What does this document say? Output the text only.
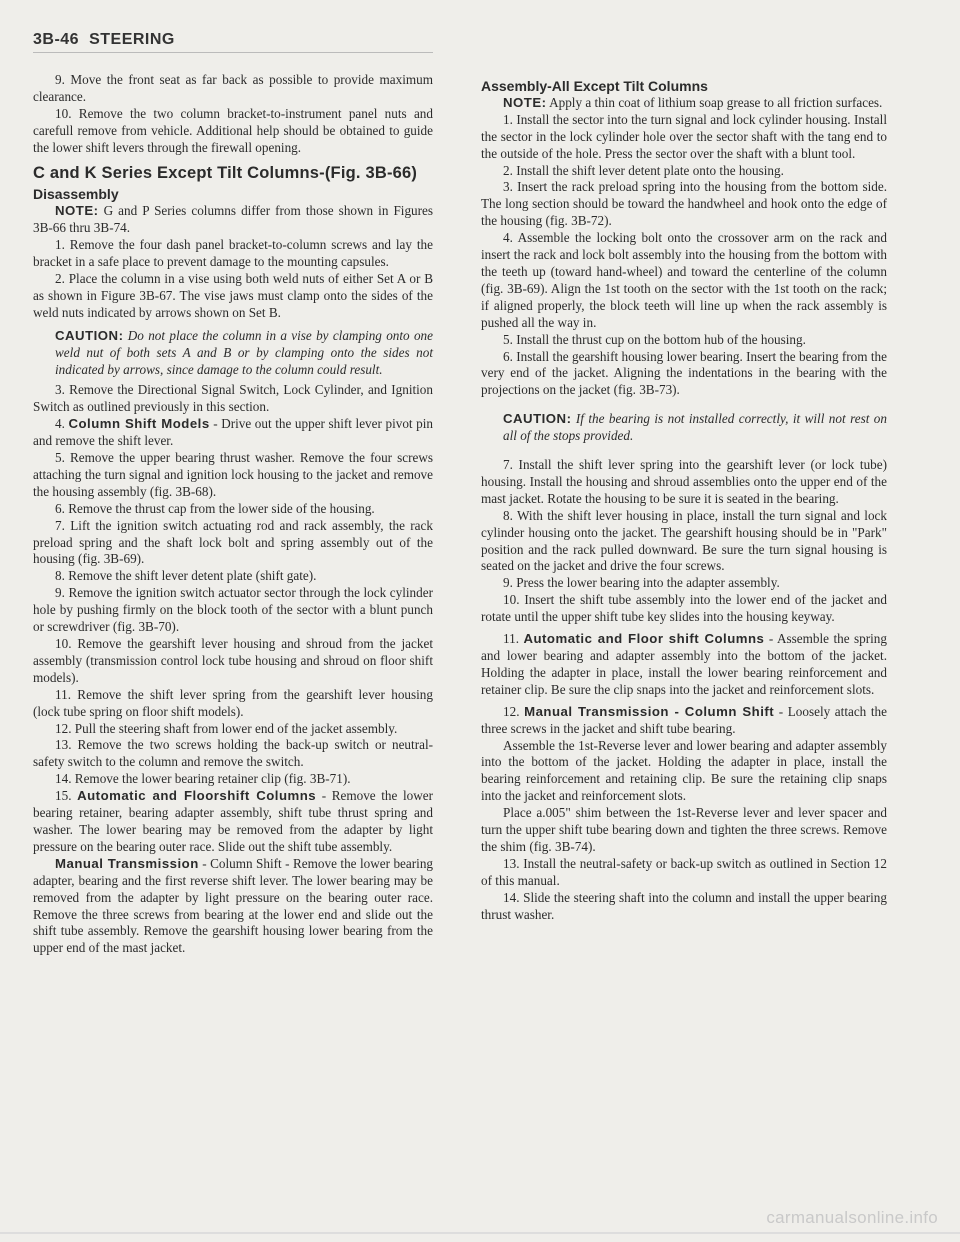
3B-46 STEERING

9. Move the front seat as far back as possible to provide maximum clearance.

10. Remove the two column bracket-to-instrument panel nuts and carefull remove from vehicle. Additional help should be obtained to guide the lower shift levers through the firewall opening.

C and K Series Except Tilt Columns-(Fig. 3B-66)
Disassembly

NOTE: G and P Series columns differ from those shown in Figures 3B-66 thru 3B-74.

1. Remove the four dash panel bracket-to-column screws and lay the bracket in a safe place to prevent damage to the mounting capsules.

2. Place the column in a vise using both weld nuts of either Set A or B as shown in Figure 3B-67. The vise jaws must clamp onto the sides of the weld nuts indicated by arrows shown on Set B.

CAUTION: Do not place the column in a vise by clamping onto one weld nut of both sets A and B or by clamping onto the sides not indicated by arrows, since damage to the column could result.

3. Remove the Directional Signal Switch, Lock Cylinder, and Ignition Switch as outlined previously in this section.

4. Column Shift Models - Drive out the upper shift lever pivot pin and remove the shift lever.

5. Remove the upper bearing thrust washer. Remove the four screws attaching the turn signal and ignition lock housing to the jacket and remove the housing assembly (fig. 3B-68).

6. Remove the thrust cap from the lower side of the housing.

7. Lift the ignition switch actuating rod and rack assembly, the rack preload spring and the shaft lock bolt and spring assembly out of the housing (fig. 3B-69).

8. Remove the shift lever detent plate (shift gate).

9. Remove the ignition switch actuator sector through the lock cylinder hole by pushing firmly on the block tooth of the sector with a blunt punch or screwdriver (fig. 3B-70).

10. Remove the gearshift lever housing and shroud from the jacket assembly (transmission control lock tube housing and shroud on floor shift models).

11. Remove the shift lever spring from the gearshift lever housing (lock tube spring on floor shift models).

12. Pull the steering shaft from lower end of the jacket assembly.

13. Remove the two screws holding the back-up switch or neutral-safety switch to the column and remove the switch.

14. Remove the lower bearing retainer clip (fig. 3B-71).

15. Automatic and Floorshift Columns - Remove the lower bearing retainer, bearing adapter assembly, shift tube thrust spring and washer. The lower bearing may be removed from the adapter by light pressure on the bearing outer race. Slide out the shift tube assembly.

Manual Transmission - Column Shift - Remove the lower bearing adapter, bearing and the first reverse shift lever. The lower bearing may be removed from the adapter by light pressure on the bearing outer race. Remove the three screws from bearing at the lower end and slide out the shift tube assembly. Remove the gearshift housing lower bearing from the upper end of the mast jacket.

Assembly-All Except Tilt Columns

NOTE: Apply a thin coat of lithium soap grease to all friction surfaces.

1. Install the sector into the turn signal and lock cylinder housing. Install the sector in the lock cylinder hole over the sector shaft with the tang end to the outside of the hole. Press the sector over the shaft with a blunt tool.

2. Install the shift lever detent plate onto the housing.

3. Insert the rack preload spring into the housing from the bottom side. The long section should be toward the handwheel and hook onto the edge of the housing (fig. 3B-72).

4. Assemble the locking bolt onto the crossover arm on the rack and insert the rack and lock bolt assembly into the housing from the bottom with the teeth up (toward hand-wheel) and toward the centerline of the column (fig. 3B-69). Align the 1st tooth on the sector with the 1st tooth on the rack; if aligned properly, the block teeth will line up when the rack assembly is pushed all the way in.

5. Install the thrust cup on the bottom hub of the housing.

6. Install the gearshift housing lower bearing. Insert the bearing from the very end of the jacket. Aligning the indentations in the bearing with the projections on the jacket (fig. 3B-73).

CAUTION: If the bearing is not installed correctly, it will not rest on all of the stops provided.

7. Install the shift lever spring into the gearshift lever (or lock tube) housing. Install the housing and shroud assemblies onto the upper end of the mast jacket. Rotate the housing to be sure it is seated in the bearing.

8. With the shift lever housing in place, install the turn signal and lock cylinder housing onto the jacket. The gearshift housing should be in "Park" position and the rack pulled downward. Be sure the turn signal housing is seated on the jacket and drive the four screws.

9. Press the lower bearing into the adapter assembly.

10. Insert the shift tube assembly into the lower end of the jacket and rotate until the upper shift tube key slides into the housing keyway.

11. Automatic and Floor shift Columns - Assemble the spring and lower bearing and adapter assembly into the bottom of the jacket. Holding the adapter in place, install the lower bearing reinforcement and retainer clip. Be sure the clip snaps into the jacket and reinforcement slots.

12. Manual Transmission - Column Shift - Loosely attach the three screws in the jacket and shift tube bearing.

Assemble the 1st-Reverse lever and lower bearing and adapter assembly into the bottom of the jacket. Holding the adapter in place, install the bearing reinforcement and retaining clip. Be sure the retaining clip snaps into the jacket and reinforcement slots.

Place a.005" shim between the 1st-Reverse lever and lever spacer and turn the upper shift tube bearing down and tighten the three screws. Remove the shim (fig. 3B-74).

13. Install the neutral-safety or back-up switch as outlined in Section 12 of this manual.

14. Slide the steering shaft into the column and install the upper bearing thrust washer.

carmanualsonline.info
